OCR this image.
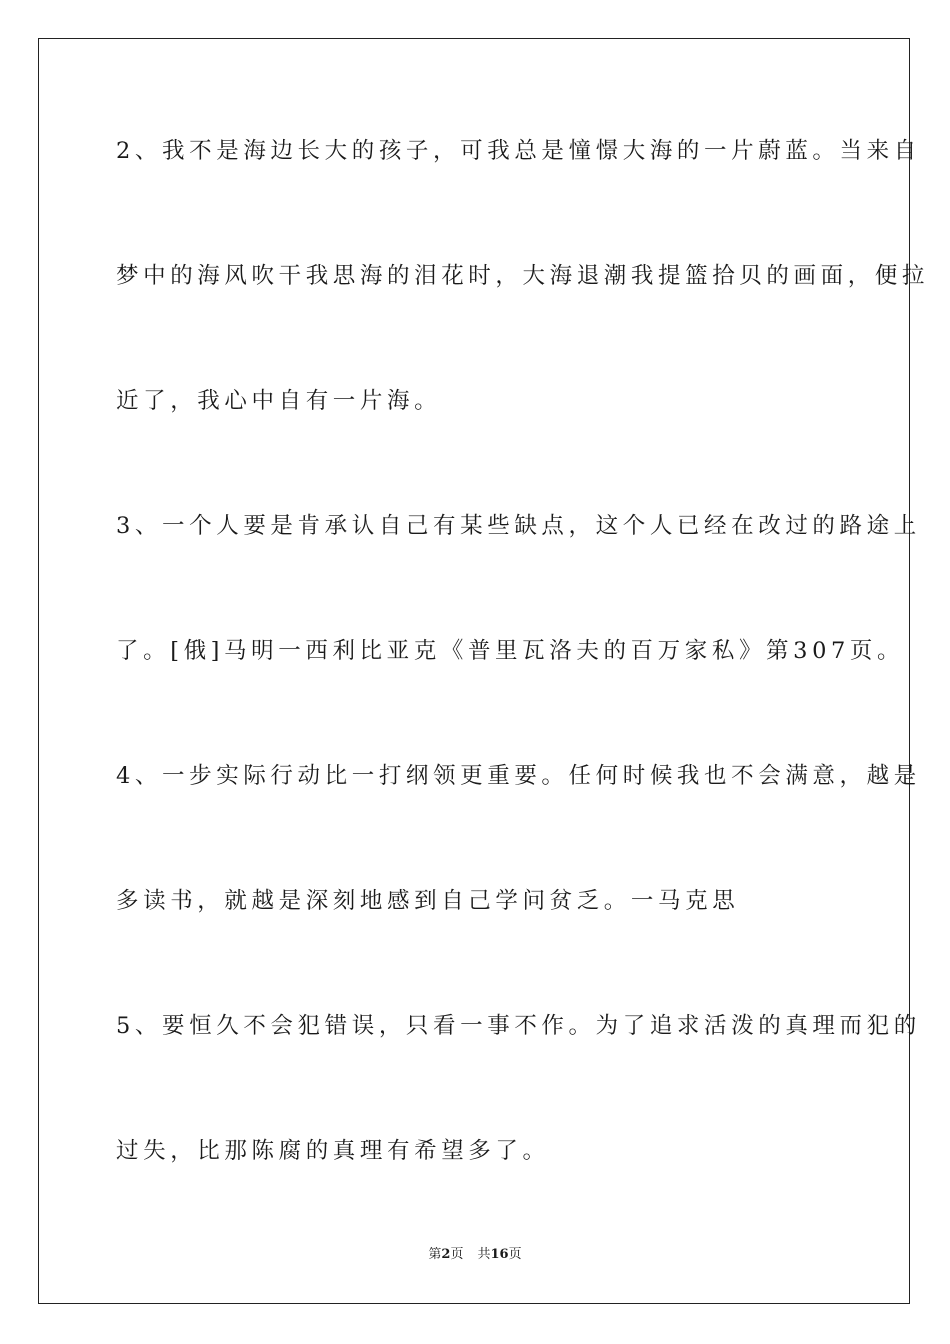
2、我不是海边长大的孩子，可我总是憧憬大海的一片蔚蓝。当来自
梦中的海风吹干我思海的泪花时，大海退潮我提篮拾贝的画面，便拉
近了，我心中自有一片海。
3、一个人要是肯承认自己有某些缺点，这个人已经在改过的路途上
了。[俄]马明一西利比亚克《普里瓦洛夫的百万家私》第307页。
4、一步实际行动比一打纲领更重要。任何时候我也不会满意，越是
多读书，就越是深刻地感到自己学问贫乏。一马克思
5、要恒久不会犯错误，只看一事不作。为了追求活泼的真理而犯的
过失，比那陈腐的真理有希望多了。
第2页 共16页
